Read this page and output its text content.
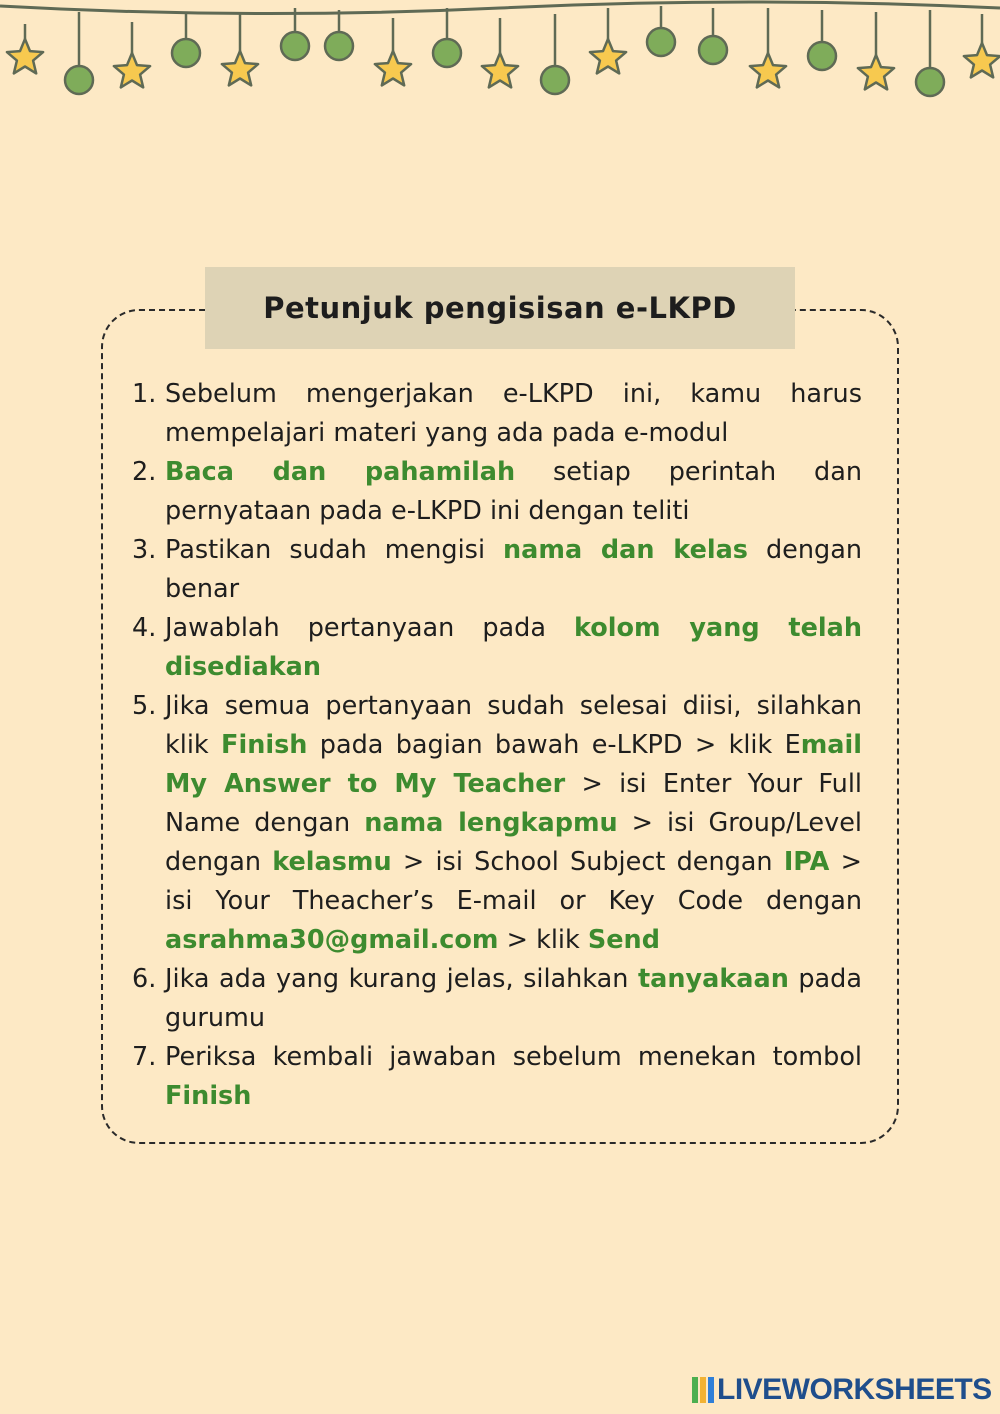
Petunjuk pengisisan e-LKPD
1. Sebelum mengerjakan e-LKPD ini, kamu harus mempelajari materi yang ada pada e-modul
2. Baca dan pahamilah setiap perintah dan pernyataan pada e-LKPD ini dengan teliti
3. Pastikan sudah mengisi nama dan kelas dengan benar
4. Jawablah pertanyaan pada kolom yang telah disediakan
5. Jika semua pertanyaan sudah selesai diisi, silahkan klik Finish pada bagian bawah e-LKPD > klik Email My Answer to My Teacher > isi Enter Your Full Name dengan nama lengkapmu > isi Group/Level dengan kelasmu > isi School Subject dengan IPA > isi Your Theacher’s E-mail or Key Code dengan asrahma30@gmail.com > klik Send
6. Jika ada yang kurang jelas, silahkan tanyakaan pada gurumu
7. Periksa kembali jawaban sebelum menekan tombol Finish
LIVEWORKSHEETS
